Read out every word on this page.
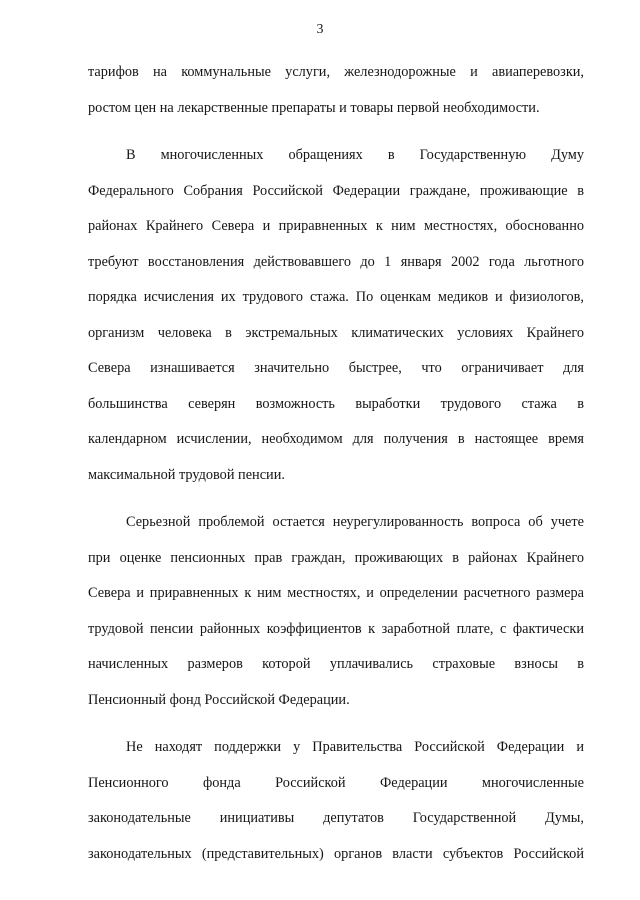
3
тарифов на коммунальные услуги, железнодорожные и авиаперевозки,
ростом цен на лекарственные препараты и товары первой необходимости.
В многочисленных обращениях в Государственную Думу
Федерального Собрания Российской Федерации граждане, проживающие в
районах Крайнего Севера и приравненных к ним местностях, обоснованно
требуют восстановления действовавшего до 1 января 2002 года льготного
порядка исчисления их трудового стажа. По оценкам медиков и физиологов,
организм человека в экстремальных климатических условиях Крайнего
Севера изнашивается значительно быстрее, что ограничивает для
большинства северян возможность выработки трудового стажа в
календарном исчислении, необходимом для получения в настоящее время
максимальной трудовой пенсии.
Серьезной проблемой остается неурегулированность вопроса об учете
при оценке пенсионных прав граждан, проживающих в районах Крайнего
Севера и приравненных к ним местностях, и определении расчетного размера
трудовой пенсии районных коэффициентов к заработной плате, с фактически
начисленных размеров которой уплачивались страховые взносы в
Пенсионный фонд Российской Федерации.
Не находят поддержки у Правительства Российской Федерации и
Пенсионного фонда Российской Федерации многочисленные
законодательные инициативы депутатов Государственной Думы,
законодательных (представительных) органов власти субъектов Российской
